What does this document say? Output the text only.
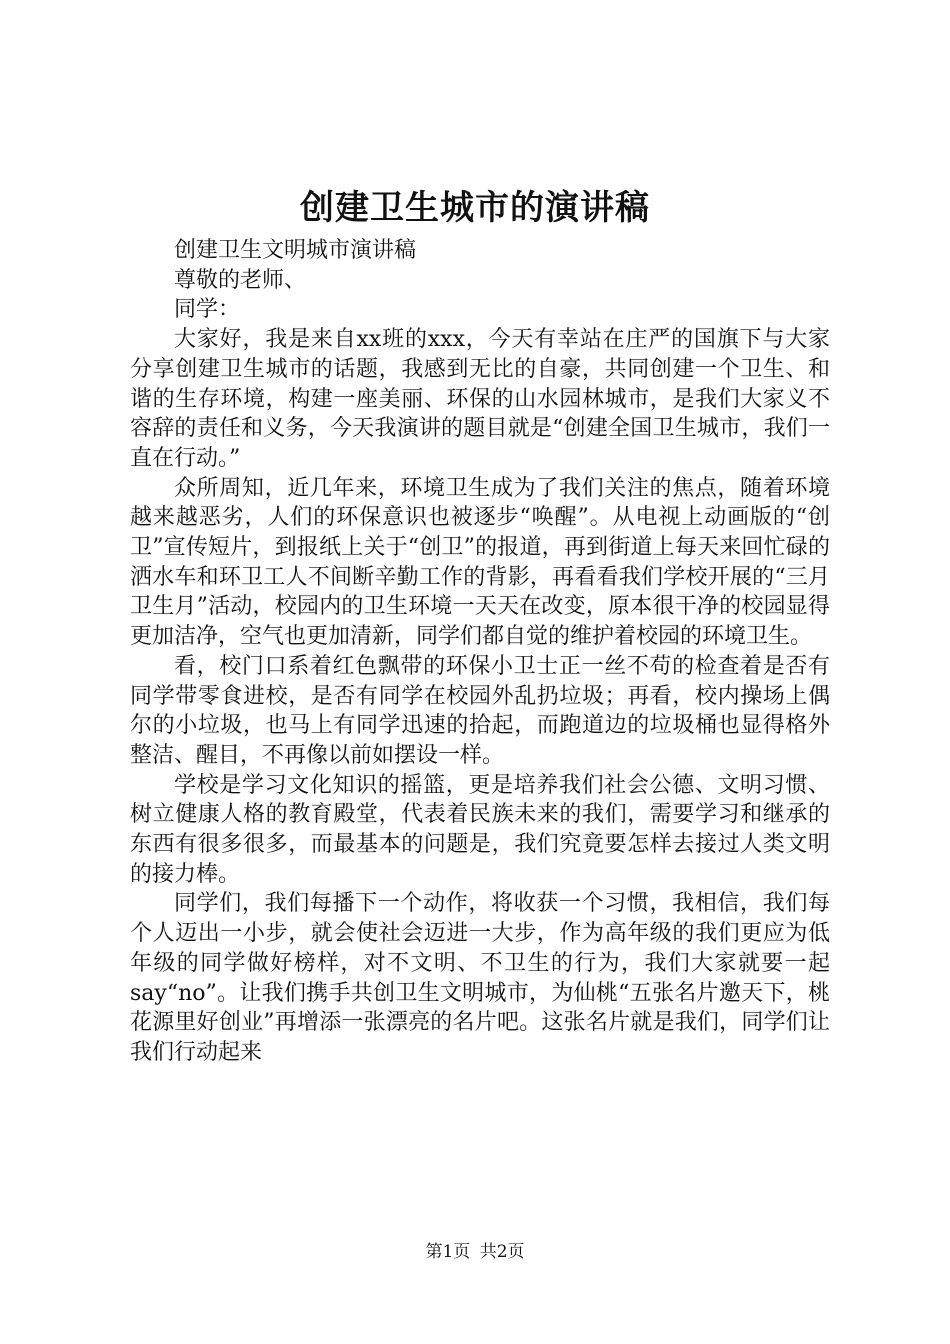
创建卫生城市的演讲稿

创建卫生文明城市演讲稿

尊敬的老师、

同学：

大家好，我是来自xx班的xxx，今天有幸站在庄严的国旗下与大家分享创建卫生城市的话题，我感到无比的自豪，共同创建一个卫生、和谐的生存环境，构建一座美丽、环保的山水园林城市，是我们大家义不容辞的责任和义务，今天我演讲的题目就是“创建全国卫生城市，我们一直在行动。”

众所周知，近几年来，环境卫生成为了我们关注的焦点，随着环境越来越恶劣，人们的环保意识也被逐步“唤醒”。从电视上动画版的“创卫”宣传短片，到报纸上关于“创卫”的报道，再到街道上每天来回忙碌的洒水车和环卫工人不间断辛勤工作的背影，再看看我们学校开展的“三月卫生月”活动，校园内的卫生环境一天天在改变，原本很干净的校园显得更加洁净，空气也更加清新，同学们都自觉的维护着校园的环境卫生。

看，校门口系着红色飘带的环保小卫士正一丝不苟的检查着是否有同学带零食进校，是否有同学在校园外乱扔垃圾；再看，校内操场上偶尔的小垃圾，也马上有同学迅速的拾起，而跑道边的垃圾桶也显得格外整洁、醒目，不再像以前如摆设一样。

学校是学习文化知识的摇篮，更是培养我们社会公德、文明习惯、树立健康人格的教育殿堂，代表着民族未来的我们，需要学习和继承的东西有很多很多，而最基本的问题是，我们究竟要怎样去接过人类文明的接力棒。

同学们，我们每播下一个动作，将收获一个习惯，我相信，我们每个人迈出一小步，就会使社会迈进一大步，作为高年级的我们更应为低年级的同学做好榜样，对不文明、不卫生的行为，我们大家就要一起say“no”。让我们携手共创卫生文明城市，为仙桃“五张名片邀天下，桃花源里好创业”再增添一张漂亮的名片吧。这张名片就是我们，同学们让我们行动起来

第1页 共2页
